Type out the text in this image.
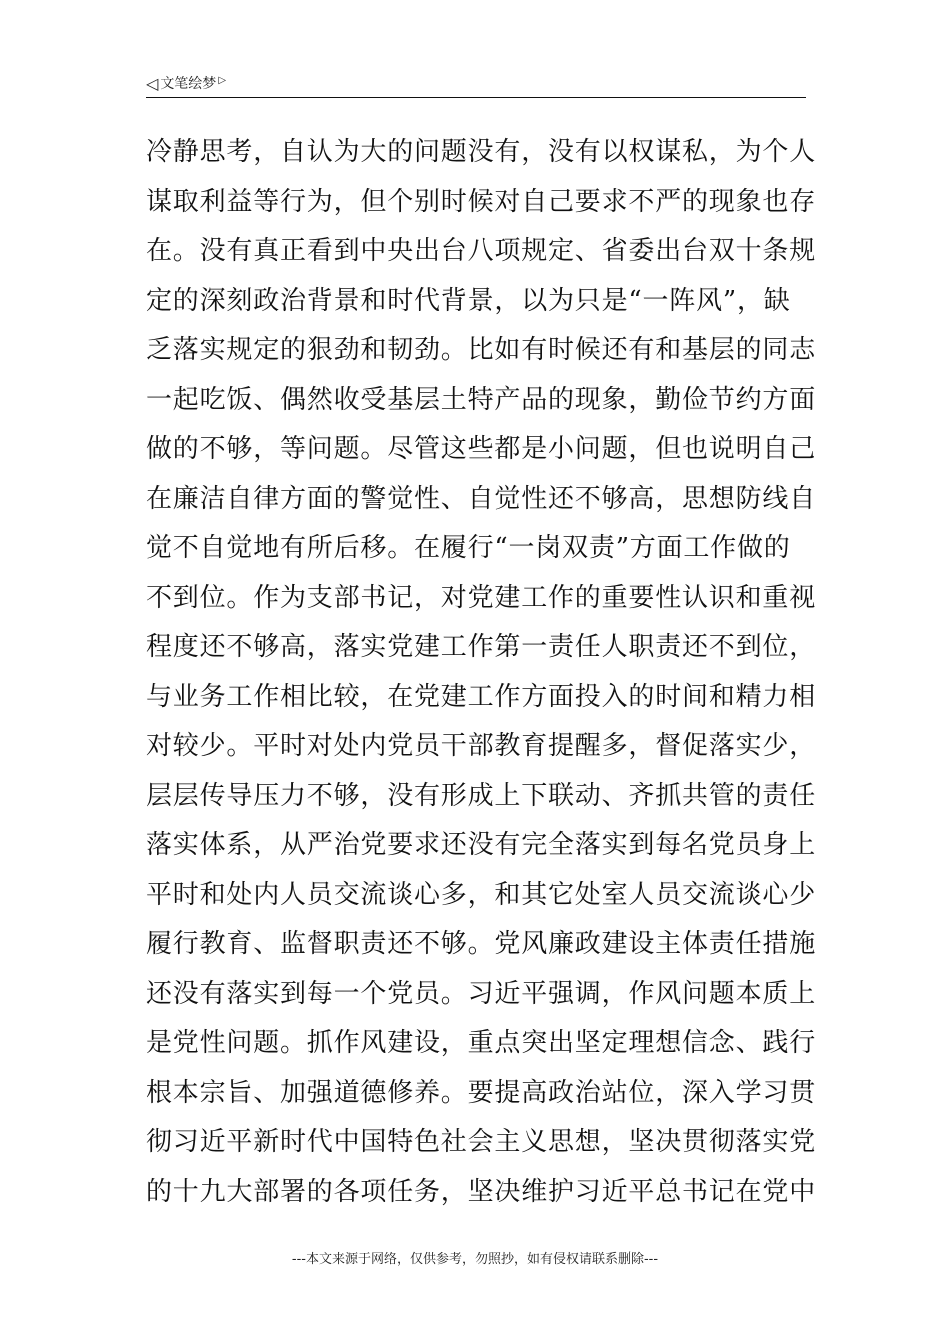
◁ 文笔绘梦 ▷
冷静思考，自认为大的问题没有，没有以权谋私，为个人
谋取利益等行为，但个别时候对自己要求不严的现象也存
在。没有真正看到中央出台八项规定、省委出台双十条规
定的深刻政治背景和时代背景，以为只是“一阵风”，缺
乏落实规定的狠劲和韧劲。比如有时候还有和基层的同志
一起吃饭、偶然收受基层土特产品的现象，勤俭节约方面
做的不够，等问题。尽管这些都是小问题，但也说明自己
在廉洁自律方面的警觉性、自觉性还不够高，思想防线自
觉不自觉地有所后移。在履行“一岗双责”方面工作做的
不到位。作为支部书记，对党建工作的重要性认识和重视
程度还不够高，落实党建工作第一责任人职责还不到位，
与业务工作相比较，在党建工作方面投入的时间和精力相
对较少。平时对处内党员干部教育提醒多，督促落实少，
层层传导压力不够，没有形成上下联动、齐抓共管的责任
落实体系，从严治党要求还没有完全落实到每名党员身上
平时和处内人员交流谈心多，和其它处室人员交流谈心少
履行教育、监督职责还不够。党风廉政建设主体责任措施
还没有落实到每一个党员。习近平强调，作风问题本质上
是党性问题。抓作风建设，重点突出坚定理想信念、践行
根本宗旨、加强道德修养。要提高政治站位，深入学习贯
彻习近平新时代中国特色社会主义思想，坚决贯彻落实党
的十九大部署的各项任务，坚决维护习近平总书记在党中
---本文来源于网络，仅供参考，勿照抄，如有侵权请联系删除---
